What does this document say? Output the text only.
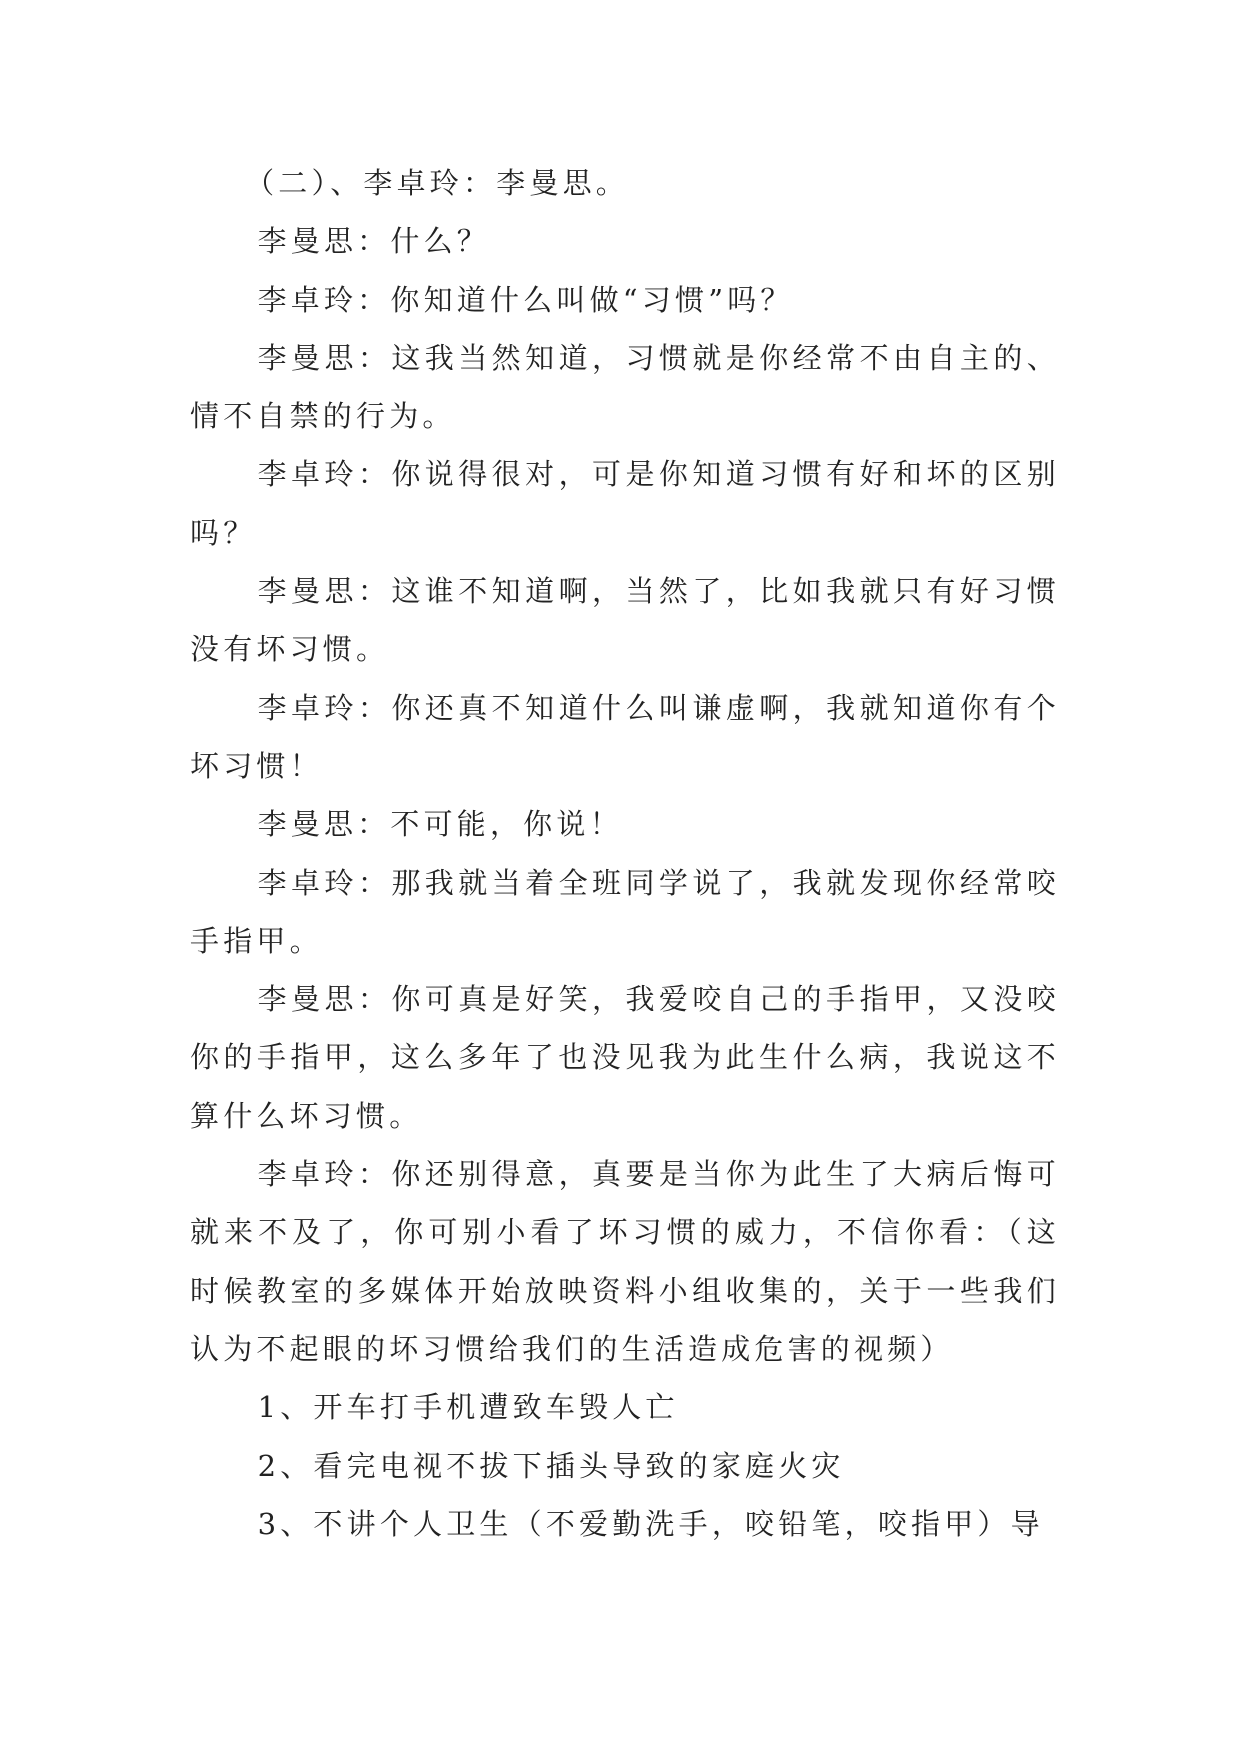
（二）、李卓玲：李曼思。

李曼思：什么？

李卓玲：你知道什么叫做“习惯”吗？

李曼思：这我当然知道，习惯就是你经常不由自主的、情不自禁的行为。

李卓玲：你说得很对，可是你知道习惯有好和坏的区别吗？

李曼思：这谁不知道啊，当然了，比如我就只有好习惯没有坏习惯。

李卓玲：你还真不知道什么叫谦虚啊，我就知道你有个坏习惯！

李曼思：不可能，你说！

李卓玲：那我就当着全班同学说了，我就发现你经常咬手指甲。

李曼思：你可真是好笑，我爱咬自己的手指甲，又没咬你的手指甲，这么多年了也没见我为此生什么病，我说这不算什么坏习惯。

李卓玲：你还别得意，真要是当你为此生了大病后悔可就来不及了，你可别小看了坏习惯的威力，不信你看：（这时候教室的多媒体开始放映资料小组收集的，关于一些我们认为不起眼的坏习惯给我们的生活造成危害的视频）

1、开车打手机遭致车毁人亡

2、看完电视不拔下插头导致的家庭火灾

3、不讲个人卫生（不爱勤洗手，咬铅笔，咬指甲）导
